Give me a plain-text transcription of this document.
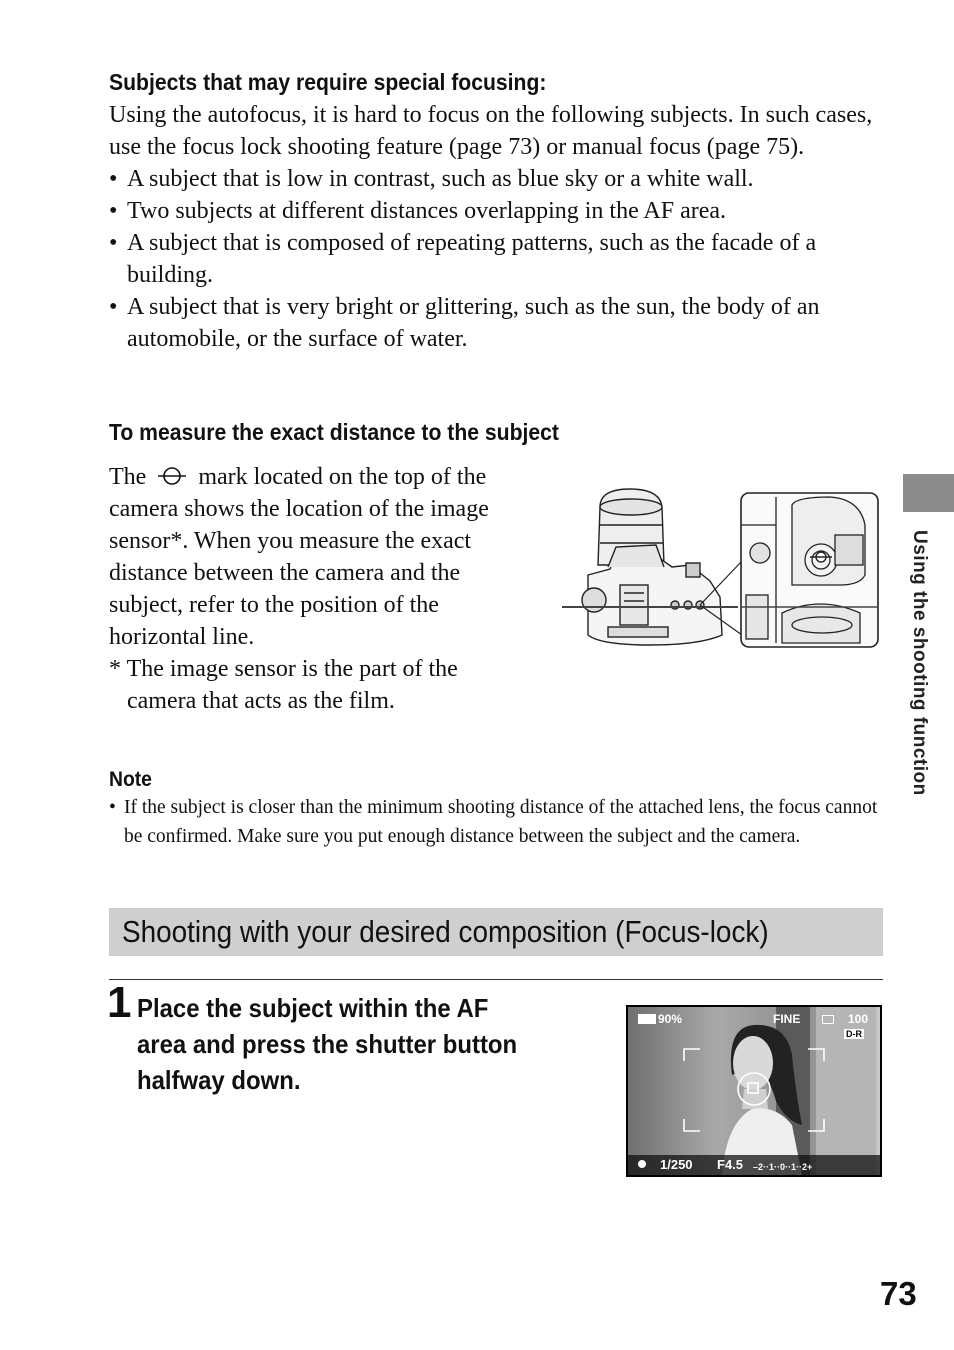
Subjects that may require special focusing:

Using the autofocus, it is hard to focus on the following subjects. In such cases, use the focus lock shooting feature (page 73) or manual focus (page 75).

• A subject that is low in contrast, such as blue sky or a white wall.
• Two subjects at different distances overlapping in the AF area.
• A subject that is composed of repeating patterns, such as the facade of a building.
• A subject that is very bright or glittering, such as the sun, the body of an automobile, or the surface of water.
To measure the exact distance to the subject

The mark located on the top of the camera shows the location of the image sensor*. When you measure the exact distance between the camera and the subject, refer to the position of the horizontal line.

* The image sensor is the part of the camera that acts as the film.	Using the shooting function
Note
• If the subject is closer than the minimum shooting distance of the attached lens, the focus cannot be confirmed. Make sure you put enough distance between the subject and the camera.
Shooting with your desired composition (Focus-lock)
1 Place the subject within the AF area and press the shutter button halfway down.
90%	FINE	100
D-R
1/250 F4.5 –2··1··0··1··2+
73
